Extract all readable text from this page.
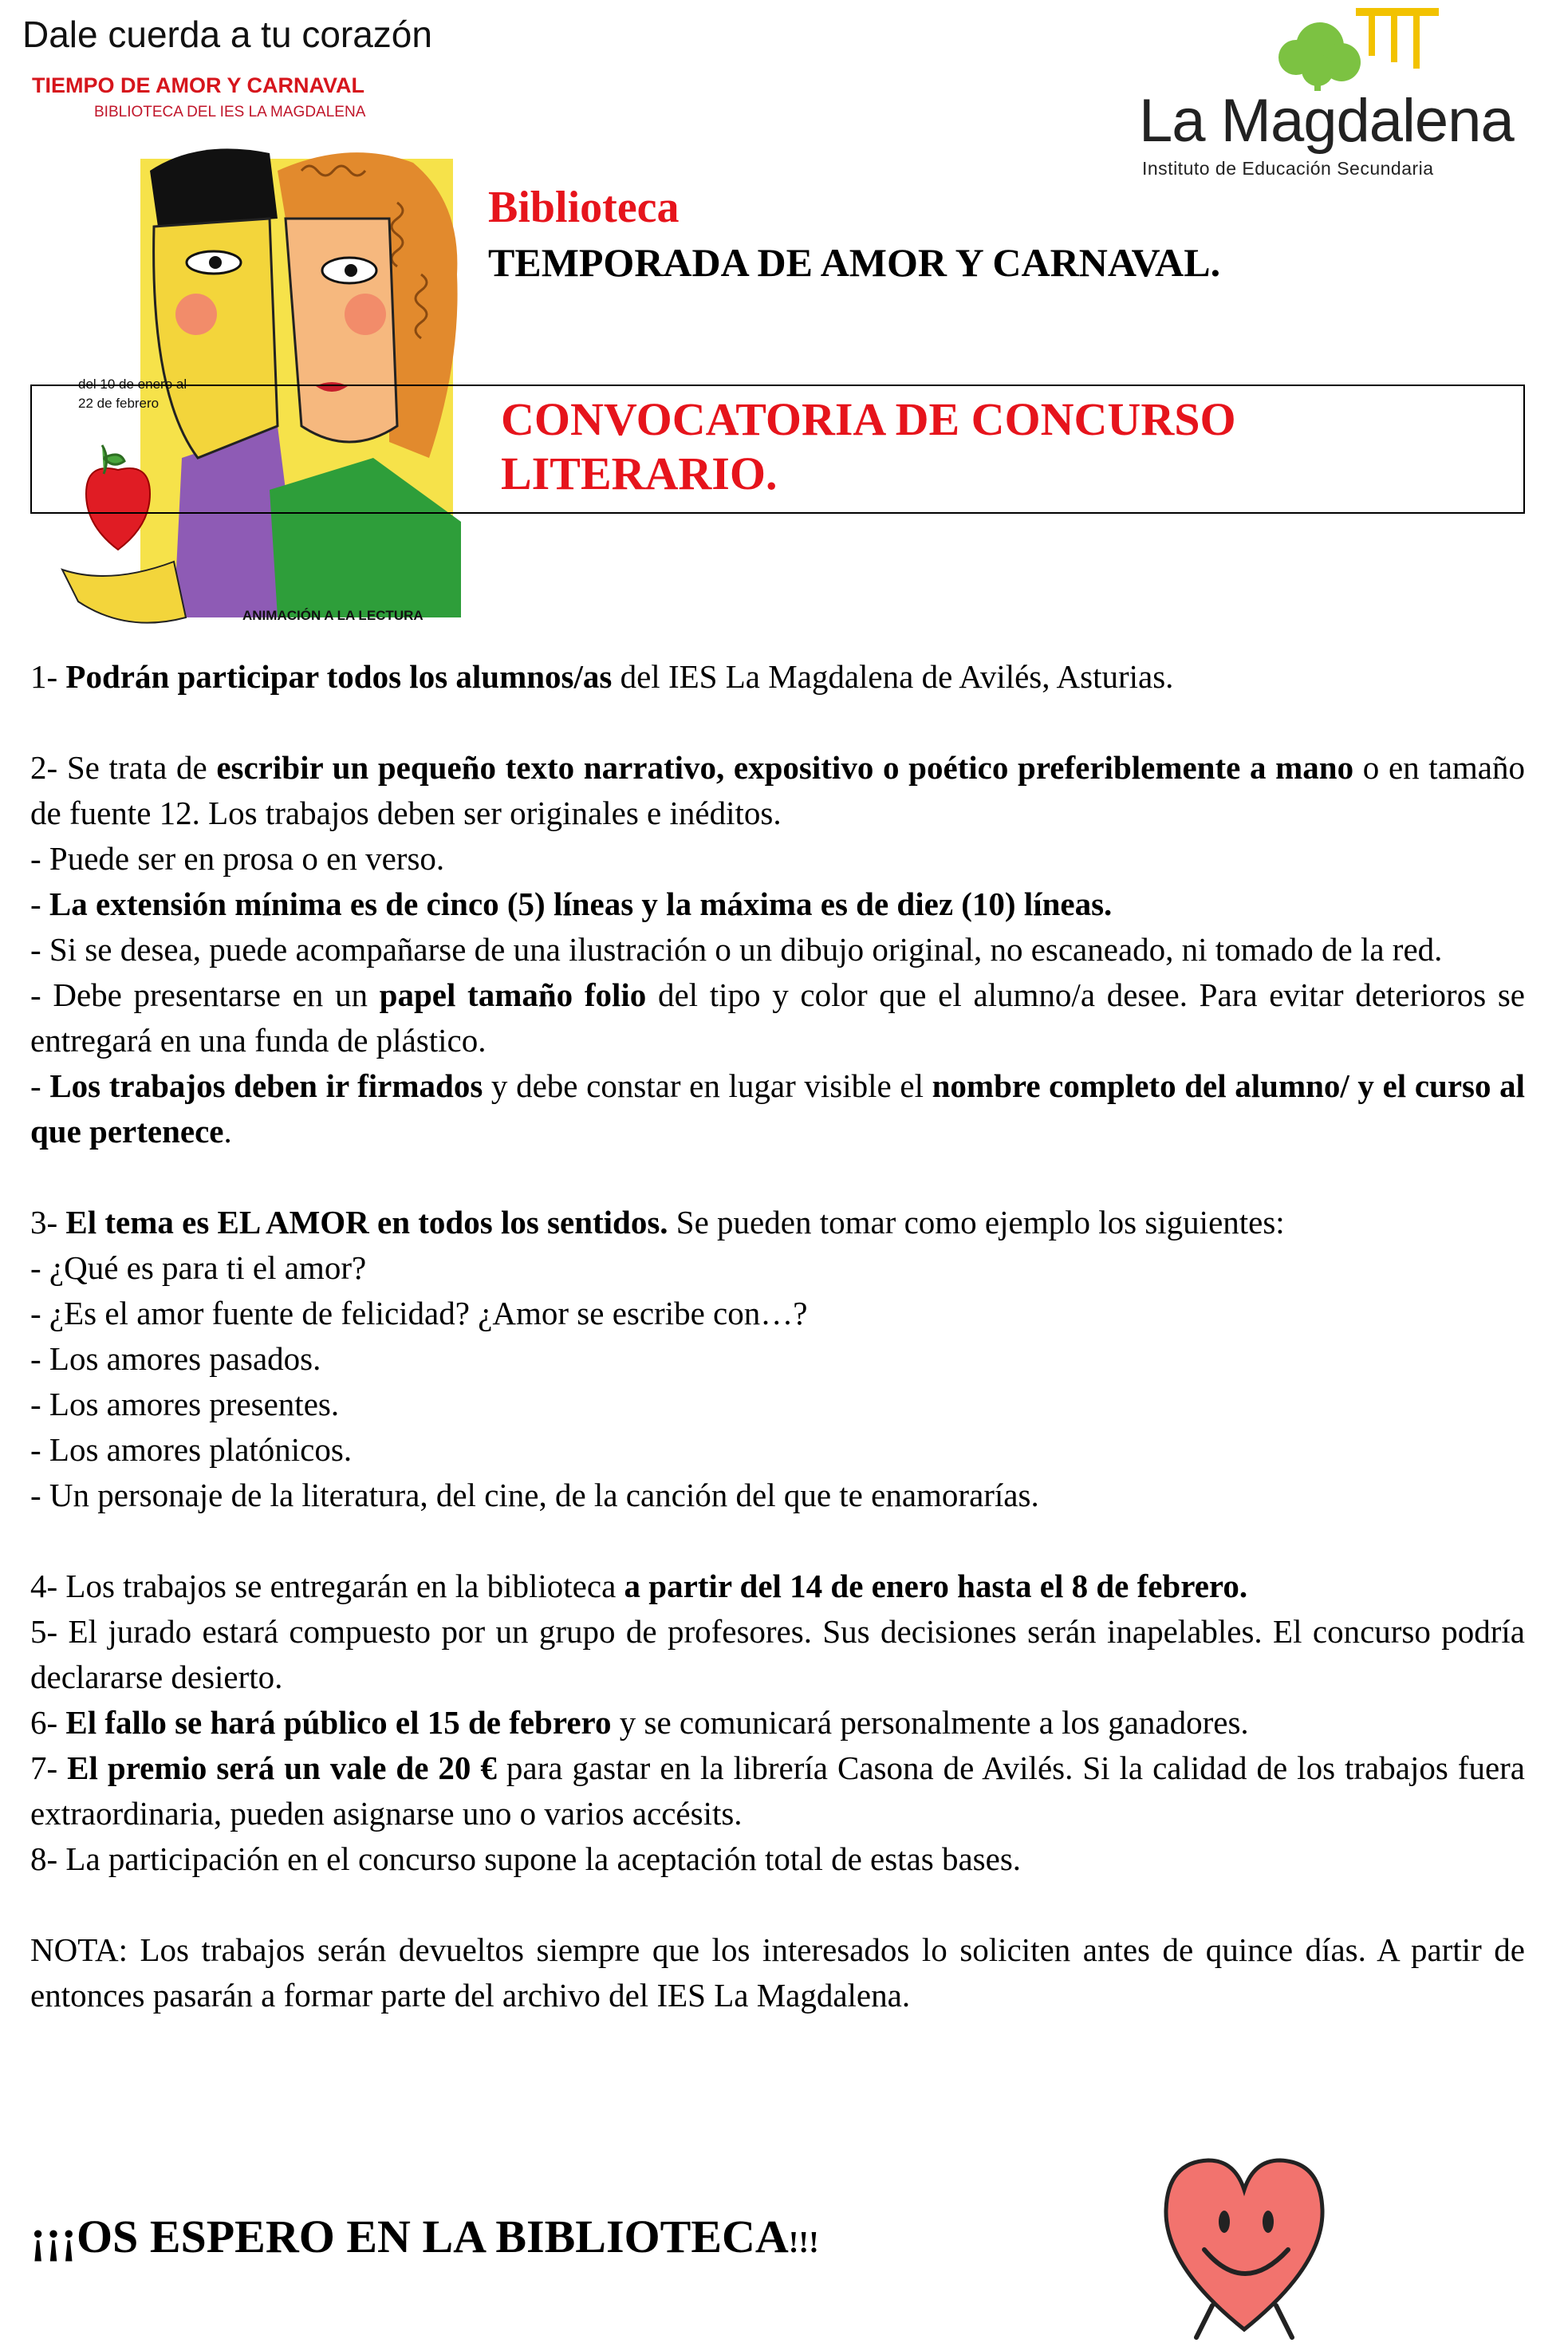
Dale cuerda a tu corazón
TIEMPO DE AMOR Y CARNAVAL
BIBLIOTECA DEL IES LA MAGDALENA
del 10 de enero al
22 de febrero
ANIMACIÓN A LA LECTURA
La Magdalena
Instituto de Educación Secundaria
Biblioteca
TEMPORADA DE AMOR Y CARNAVAL.
CONVOCATORIA DE CONCURSO
LITERARIO.

1- Podrán participar todos los alumnos/as del IES La Magdalena de Avilés, Asturias.

2- Se trata de escribir un pequeño texto narrativo, expositivo o poético preferiblemente a mano o en tamaño de fuente 12. Los trabajos deben ser originales e inéditos.

- Puede ser en prosa o en verso.

- La extensión mínima es de cinco (5) líneas y la máxima es de diez (10) líneas.

- Si se desea, puede acompañarse de una ilustración o un dibujo original, no escaneado, ni tomado de la red.

- Debe presentarse en un papel tamaño folio del tipo y color que el alumno/a desee. Para evitar deterioros se entregará en una funda de plástico.

- Los trabajos deben ir firmados y debe constar en lugar visible el nombre completo del alumno/ y el curso al que pertenece.

3- El tema es EL AMOR en todos los sentidos. Se pueden tomar como ejemplo los siguientes:

- ¿Qué es para ti el amor?

- ¿Es el amor fuente de felicidad? ¿Amor se escribe con…?

- Los amores pasados.

- Los amores presentes.

- Los amores platónicos.

- Un personaje de la literatura, del cine, de la canción del que te enamorarías.

4- Los trabajos se entregarán en la biblioteca a partir del 14 de enero hasta el 8 de febrero.

5- El jurado estará compuesto por un grupo de profesores. Sus decisiones serán inapelables. El concurso podría declararse desierto.

6- El fallo se hará público el 15 de febrero y se comunicará personalmente a los ganadores.

7- El premio será un vale de 20 € para gastar en la librería Casona de Avilés. Si la calidad de los trabajos fuera extraordinaria, pueden asignarse uno o varios accésits.

8- La participación en el concurso supone la aceptación total de estas bases.

NOTA: Los trabajos serán devueltos siempre que los interesados lo soliciten antes de quince días. A partir de entonces pasarán a formar parte del archivo del IES La Magdalena.

¡¡¡OS ESPERO EN LA BIBLIOTECA!!!
